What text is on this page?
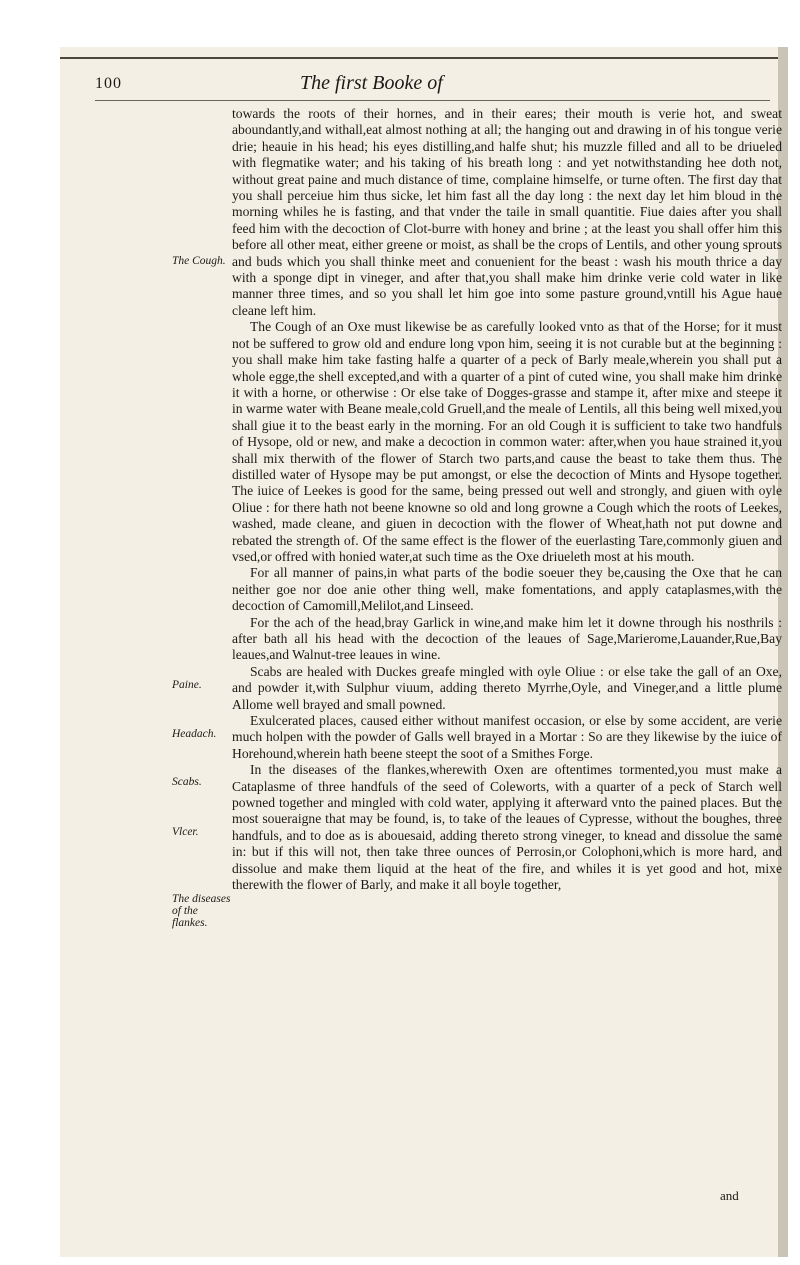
100	The first Booke of
The Cough.
Paine.
Headach.
Scabs.
Vlcer.
The diseases of the flankes.

towards the roots of their hornes, and in their eares; their mouth is verie hot, and sweat aboundantly,and withall,eat almost nothing at all; the hanging out and drawing in of his tongue verie drie; heauie in his head; his eyes distilling,and halfe shut; his muzzle filled and all to be driueled with flegmatike water; and his taking of his breath long : and yet notwithstanding hee doth not, without great paine and much distance of time, complaine himselfe, or turne often. The first day that you shall perceiue him thus sicke, let him fast all the day long : the next day let him bloud in the morning whiles he is fasting, and that vnder the taile in small quantitie. Fiue daies after you shall feed him with the decoction of Clot-burre with honey and brine ; at the least you shall offer him this before all other meat, either greene or moist, as shall be the crops of Lentils, and other young sprouts and buds which you shall thinke meet and conuenient for the beast : wash his mouth thrice a day with a sponge dipt in vineger, and after that,you shall make him drinke verie cold water in like manner three times, and so you shall let him goe into some pasture ground,vntill his Ague haue cleane left him.

The Cough of an Oxe must likewise be as carefully looked vnto as that of the Horse; for it must not be suffered to grow old and endure long vpon him, seeing it is not curable but at the beginning : you shall make him take fasting halfe a quarter of a peck of Barly meale,wherein you shall put a whole egge,the shell excepted,and with a quarter of a pint of cuted wine, you shall make him drinke it with a horne, or otherwise : Or else take of Dogges-grasse and stampe it, after mixe and steepe it in warme water with Beane meale,cold Gruell,and the meale of Lentils, all this being well mixed,you shall giue it to the beast early in the morning. For an old Cough it is sufficient to take two handfuls of Hysope, old or new, and make a decoction in common water: after,when you haue strained it,you shall mix therwith of the flower of Starch two parts,and cause the beast to take them thus. The distilled water of Hysope may be put amongst, or else the decoction of Mints and Hysope together. The iuice of Leekes is good for the same, being pressed out well and strongly, and giuen with oyle Oliue : for there hath not beene knowne so old and long growne a Cough which the roots of Leekes, washed, made cleane, and giuen in decoction with the flower of Wheat,hath not put downe and rebated the strength of. Of the same effect is the flower of the euerlasting Tare,commonly giuen and vsed,or offred with honied water,at such time as the Oxe driueleth most at his mouth.

For all manner of pains,in what parts of the bodie soeuer they be,causing the Oxe that he can neither goe nor doe anie other thing well, make fomentations, and apply cataplasmes,with the decoction of Camomill,Melilot,and Linseed.

For the ach of the head,bray Garlick in wine,and make him let it downe through his nosthrils : after bath all his head with the decoction of the leaues of Sage,Marierome,Lauander,Rue,Bay leaues,and Walnut-tree leaues in wine.

Scabs are healed with Duckes greafe mingled with oyle Oliue : or else take the gall of an Oxe, and powder it,with Sulphur viuum, adding thereto Myrrhe,Oyle, and Vineger,and a little plume Allome well brayed and small powned.

Exulcerated places, caused either without manifest occasion, or else by some accident, are verie much holpen with the powder of Galls well brayed in a Mortar : So are they likewise by the iuice of Horehound,wherein hath beene steept the soot of a Smithes Forge.

In the diseases of the flankes,wherewith Oxen are oftentimes tormented,you must make a Cataplasme of three handfuls of the seed of Coleworts, with a quarter of a peck of Starch well powned together and mingled with cold water, applying it afterward vnto the pained places. But the most soueraigne that may be found, is, to take of the leaues of Cypresse, without the boughes, three handfuls, and to doe as is abouesaid, adding thereto strong vineger, to knead and dissolue the same in: but if this will not, then take three ounces of Perrosin,or Colophoni,which is more hard, and dissolue and make them liquid at the heat of the fire, and whiles it is yet good and hot, mixe therewith the flower of Barly, and make it all boyle together,

and
